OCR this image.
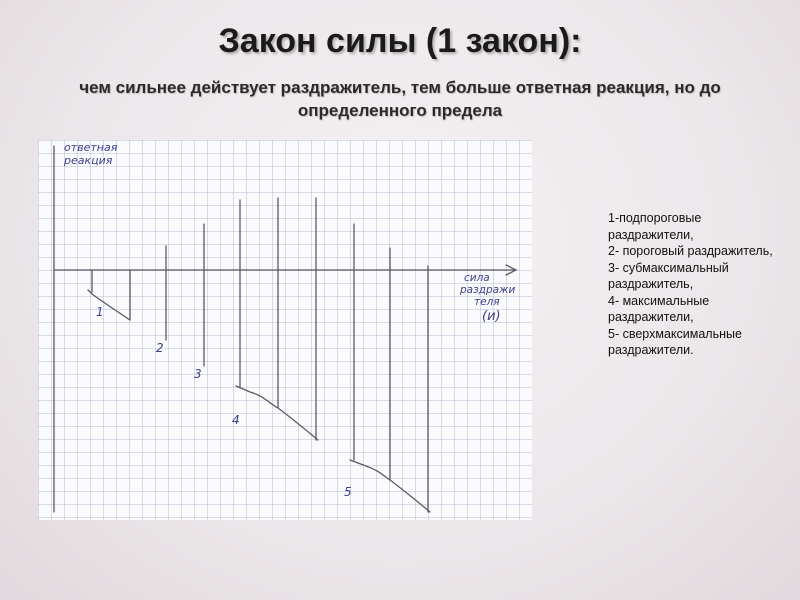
Закон силы (1 закон):
чем сильнее действует раздражитель, тем больше ответная реакция, но до определенного предела
ответная
реакция
сила
раздражи
теля
(и)
1
2
3
4
5
1-подпороговые раздражители,
2- пороговый раздражитель,
3- субмаксимальный раздражитель,
4- максимальные раздражители,
5- сверхмаксимальные раздражители.
